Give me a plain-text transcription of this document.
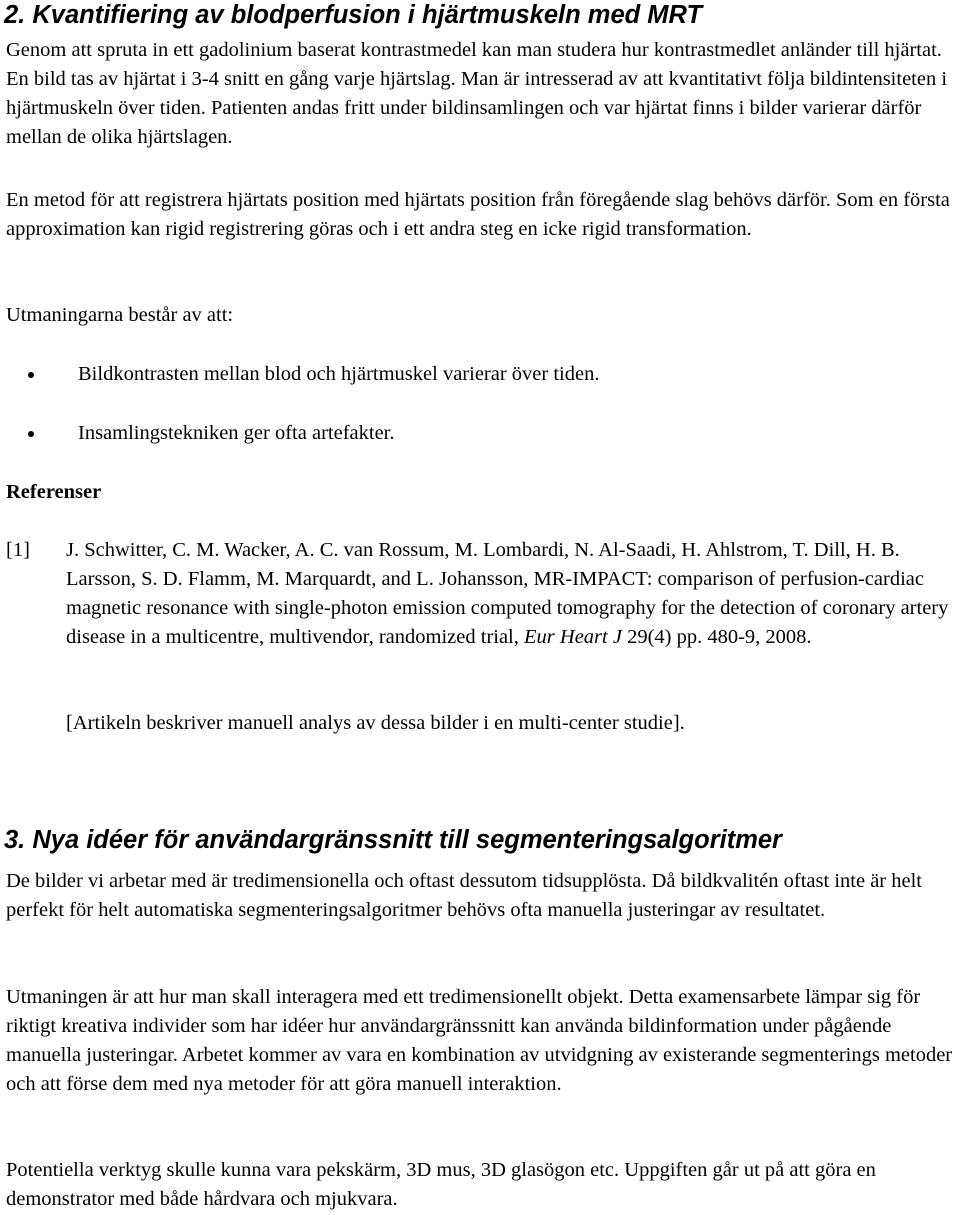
2. Kvantifiering av blodperfusion i hjärtmuskeln med MRT

Genom att spruta in ett gadolinium baserat kontrastmedel kan man studera hur kontrastmedlet anländer till hjärtat. En bild tas av hjärtat i 3-4 snitt en gång varje hjärtslag. Man är intresserad av att kvantitativt följa bildintensiteten i hjärtmuskeln över tiden. Patienten andas fritt under bildinsamlingen och var hjärtat finns i bilder varierar därför mellan de olika hjärtslagen.

En metod för att registrera hjärtats position med hjärtats position från föregående slag behövs därför. Som en första approximation kan rigid registrering göras och i ett andra steg en icke rigid transformation.

Utmaningarna består av att:

Bildkontrasten mellan blod och hjärtmuskel varierar över tiden.
Insamlingstekniken ger ofta artefakter.

Referenser

[1] J. Schwitter, C. M. Wacker, A. C. van Rossum, M. Lombardi, N. Al-Saadi, H. Ahlstrom, T. Dill, H. B. Larsson, S. D. Flamm, M. Marquardt, and L. Johansson, MR-IMPACT: comparison of perfusion-cardiac magnetic resonance with single-photon emission computed tomography for the detection of coronary artery disease in a multicentre, multivendor, randomized trial, Eur Heart J 29(4) pp. 480-9, 2008.

[Artikeln beskriver manuell analys av dessa bilder i en multi-center studie].

3. Nya idéer för användargränssnitt till segmenteringsalgoritmer

De bilder vi arbetar med är tredimensionella och oftast dessutom tidsupplösta. Då bildkvalitén oftast inte är helt perfekt för helt automatiska segmenteringsalgoritmer behövs ofta manuella justeringar av resultatet.

Utmaningen är att hur man skall interagera med ett tredimensionellt objekt. Detta examensarbete lämpar sig för riktigt kreativa individer som har idéer hur användargränssnitt kan använda bildinformation under pågående manuella justeringar. Arbetet kommer av vara en kombination av utvidgning av existerande segmenterings metoder och att förse dem med nya metoder för att göra manuell interaktion.

Potentiella verktyg skulle kunna vara pekskärm, 3D mus, 3D glasögon etc. Uppgiften går ut på att göra en demonstrator med både hårdvara och mjukvara.
